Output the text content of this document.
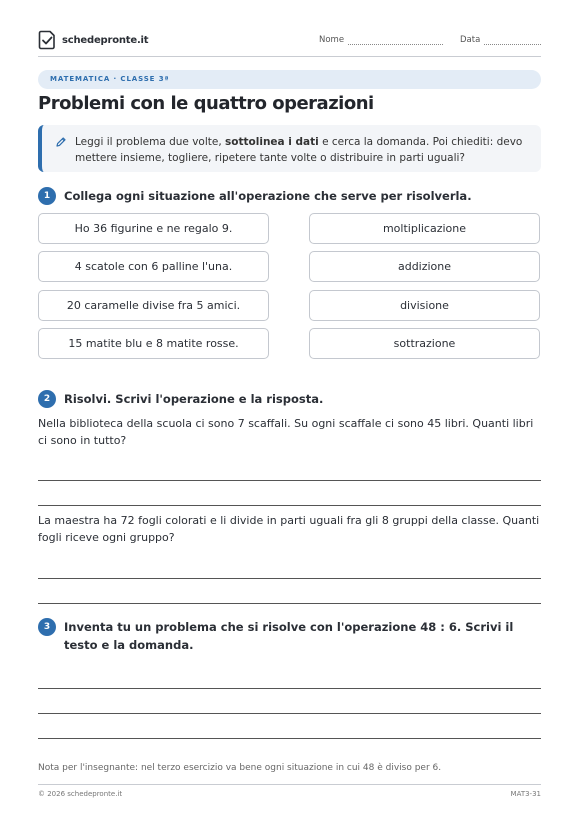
schedepronte.it	Nome	Data
MATEMATICA · CLASSE 3ª
Problemi con le quattro operazioni
Leggi il problema due volte, sottolinea i dati e cerca la domanda. Poi chiediti: devo mettere insieme, togliere, ripetere tante volte o distribuire in parti uguali?
1	Collega ogni situazione all'operazione che serve per risolverla.
Ho 36 figurine e ne regalo 9.
4 scatole con 6 palline l'una.
20 caramelle divise fra 5 amici.
15 matite blu e 8 matite rosse.
moltiplicazione
addizione
divisione
sottrazione
2	Risolvi. Scrivi l'operazione e la risposta.
Nella biblioteca della scuola ci sono 7 scaffali. Su ogni scaffale ci sono 45 libri. Quanti libri ci sono in tutto?
La maestra ha 72 fogli colorati e li divide in parti uguali fra gli 8 gruppi della classe. Quanti fogli riceve ogni gruppo?
3	Inventa tu un problema che si risolve con l'operazione 48 : 6. Scrivi il testo e la domanda.
Nota per l'insegnante: nel terzo esercizio va bene ogni situazione in cui 48 è diviso per 6.
© 2026 schedepronte.it	MAT3-31
